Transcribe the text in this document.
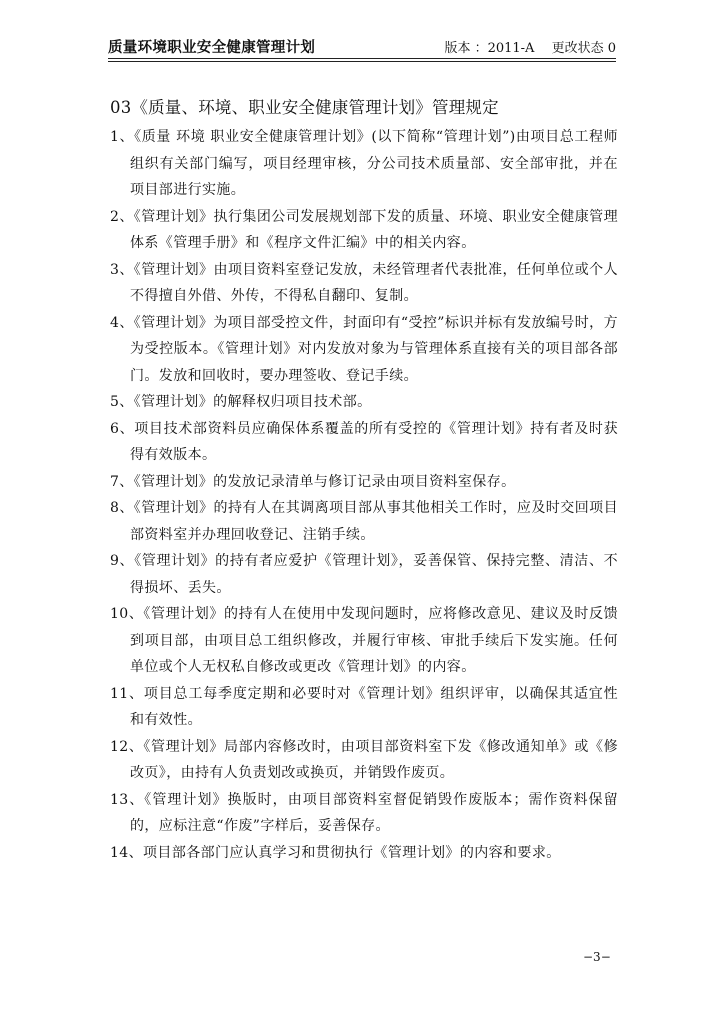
质量环境职业安全健康管理计划	版本 ：2011-A　 更改状态 0
03《质量、环境、职业安全健康管理计划》管理规定

1、《质量 环境 职业安全健康管理计划》(以下简称“管理计划”)由项目总工程师组织有关部门编写，项目经理审核，分公司技术质量部、安全部审批，并在项目部进行实施。

2、《管理计划》执行集团公司发展规划部下发的质量、环境、职业安全健康管理体系《管理手册》和《程序文件汇编》中的相关内容。

3、《管理计划》由项目资料室登记发放，未经管理者代表批准，任何单位或个人不得擅自外借、外传，不得私自翻印、复制。

4、《管理计划》为项目部受控文件，封面印有“受控”标识并标有发放编号时，方为受控版本。《管理计划》对内发放对象为与管理体系直接有关的项目部各部门。发放和回收时，要办理签收、登记手续。

5、《管理计划》的解释权归项目技术部。

6、项目技术部资料员应确保体系覆盖的所有受控的《管理计划》持有者及时获得有效版本。

7、《管理计划》的发放记录清单与修订记录由项目资料室保存。

8、《管理计划》的持有人在其调离项目部从事其他相关工作时，应及时交回项目部资料室并办理回收登记、注销手续。

9、《管理计划》的持有者应爱护《管理计划》，妥善保管、保持完整、清洁、不得损坏、丢失。

10、《管理计划》的持有人在使用中发现问题时，应将修改意见、建议及时反馈到项目部，由项目总工组织修改，并履行审核、审批手续后下发实施。任何单位或个人无权私自修改或更改《管理计划》的内容。

11、项目总工每季度定期和必要时对《管理计划》组织评审，以确保其适宜性和有效性。

12、《管理计划》局部内容修改时，由项目部资料室下发《修改通知单》或《修改页》，由持有人负责划改或换页，并销毁作废页。

13、《管理计划》换版时，由项目部资料室督促销毁作废版本；需作资料保留的，应标注意“作废”字样后，妥善保存。

14、项目部各部门应认真学习和贯彻执行《管理计划》的内容和要求。

−3−
